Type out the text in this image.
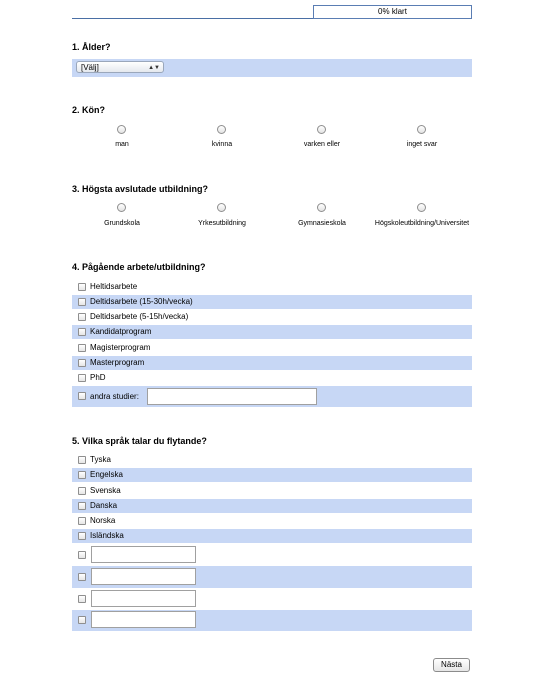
0% klart
1. Ålder?
[Välj]	▲▼
2. Kön?
man	kvinna	varken eller	inget svar
3. Högsta avslutade utbildning?
Grundskola	Yrkesutbildning	Gymnasieskola	Högskoleutbildning/Universitet
4. Pågående arbete/utbildning?
Heltidsarbete
Deltidsarbete (15-30h/vecka)
Deltidsarbete (5-15h/vecka)
Kandidatprogram
Magisterprogram
Masterprogram
PhD
andra studier:
5. Vilka språk talar du flytande?
Tyska
Engelska
Svenska
Danska
Norska
Isländska
Nästa
